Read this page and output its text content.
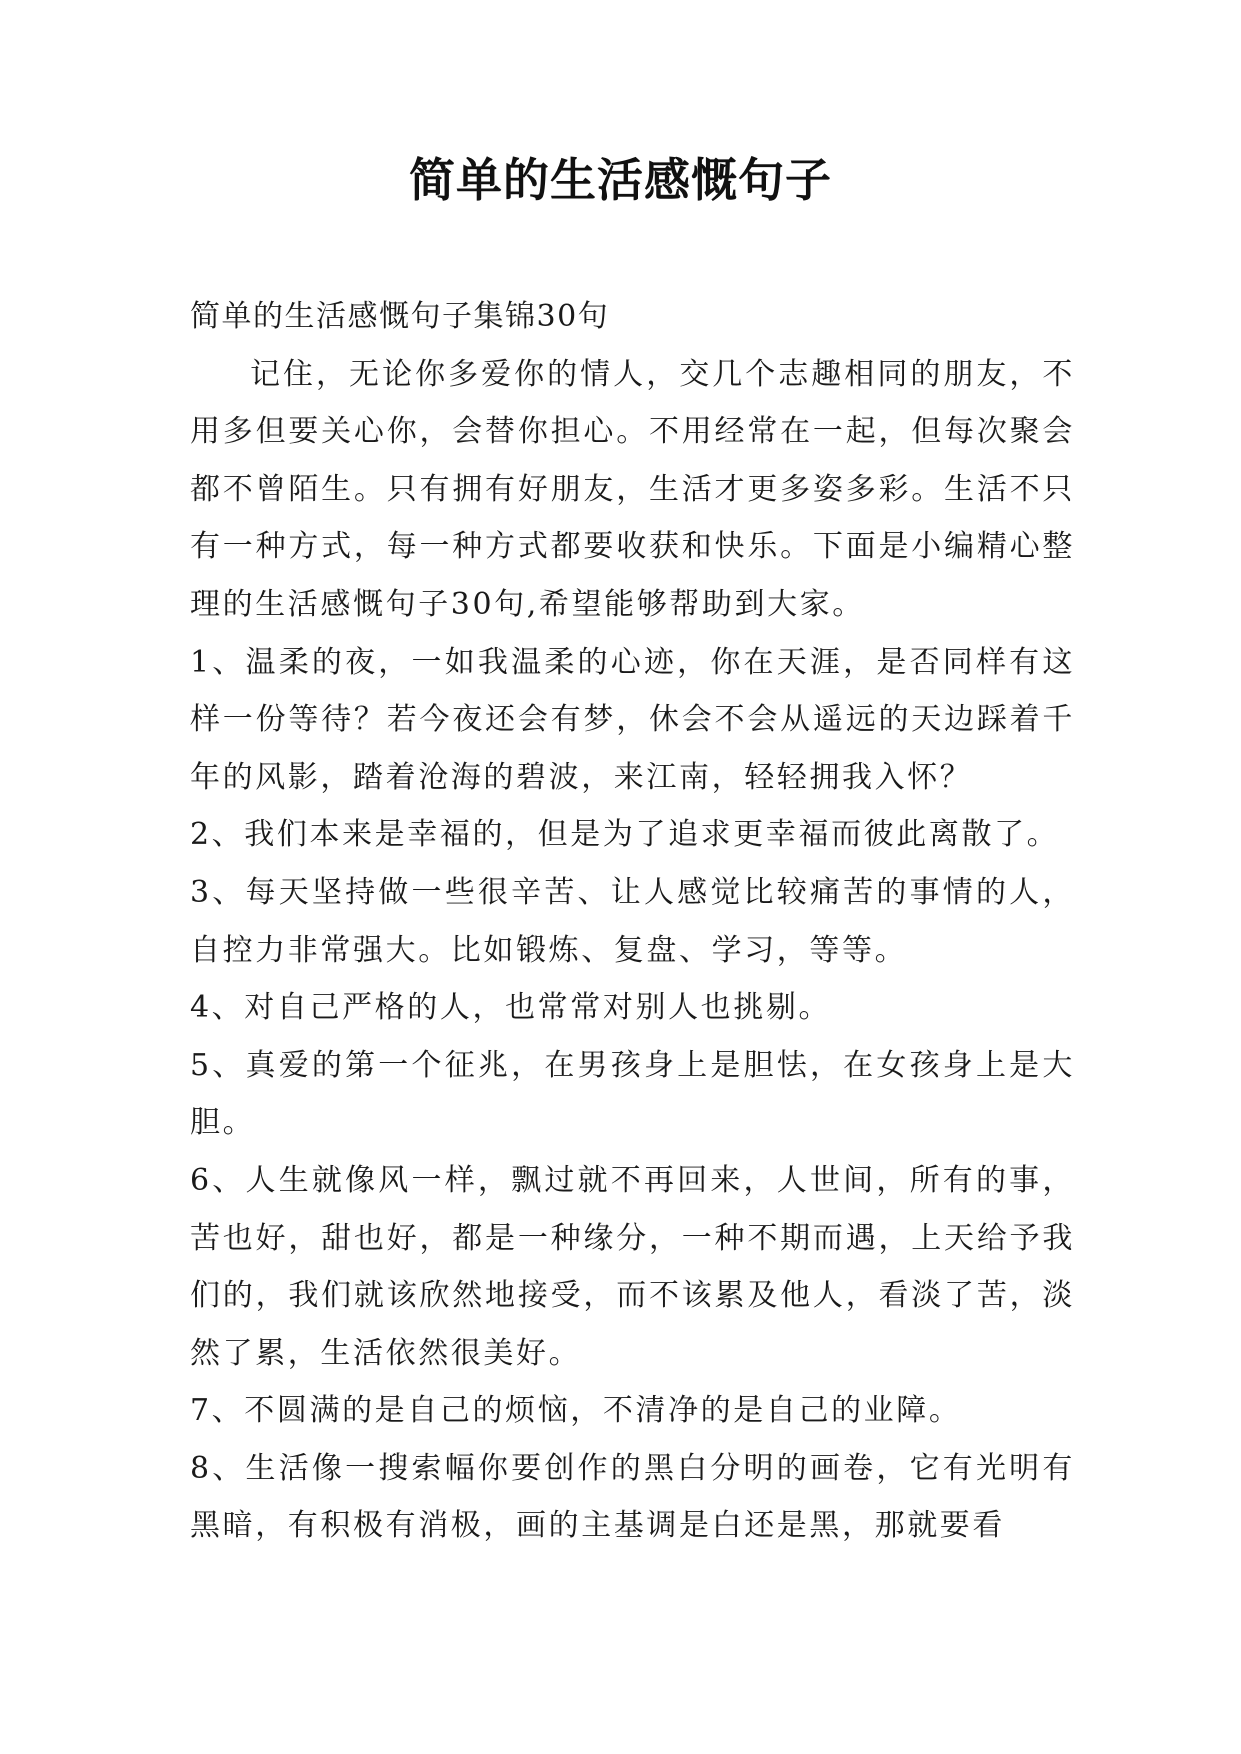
简单的生活感慨句子

简单的生活感慨句子集锦30句

记住，无论你多爱你的情人，交几个志趣相同的朋友，不用多但要关心你，会替你担心。不用经常在一起，但每次聚会都不曾陌生。只有拥有好朋友，生活才更多姿多彩。生活不只有一种方式，每一种方式都要收获和快乐。下面是小编精心整理的生活感慨句子30句,希望能够帮助到大家。

1、温柔的夜，一如我温柔的心迹，你在天涯，是否同样有这样一份等待？若今夜还会有梦，休会不会从遥远的天边踩着千年的风影，踏着沧海的碧波，来江南，轻轻拥我入怀？

2、我们本来是幸福的，但是为了追求更幸福而彼此离散了。

3、每天坚持做一些很辛苦、让人感觉比较痛苦的事情的人，自控力非常强大。比如锻炼、复盘、学习，等等。

4、对自己严格的人，也常常对别人也挑剔。

5、真爱的第一个征兆，在男孩身上是胆怯，在女孩身上是大胆。

6、人生就像风一样，飘过就不再回来，人世间，所有的事，苦也好，甜也好，都是一种缘分，一种不期而遇，上天给予我们的，我们就该欣然地接受，而不该累及他人，看淡了苦，淡然了累，生活依然很美好。

7、不圆满的是自己的烦恼，不清净的是自己的业障。

8、生活像一搜索幅你要创作的黑白分明的画卷，它有光明有黑暗，有积极有消极，画的主基调是白还是黑，那就要看
